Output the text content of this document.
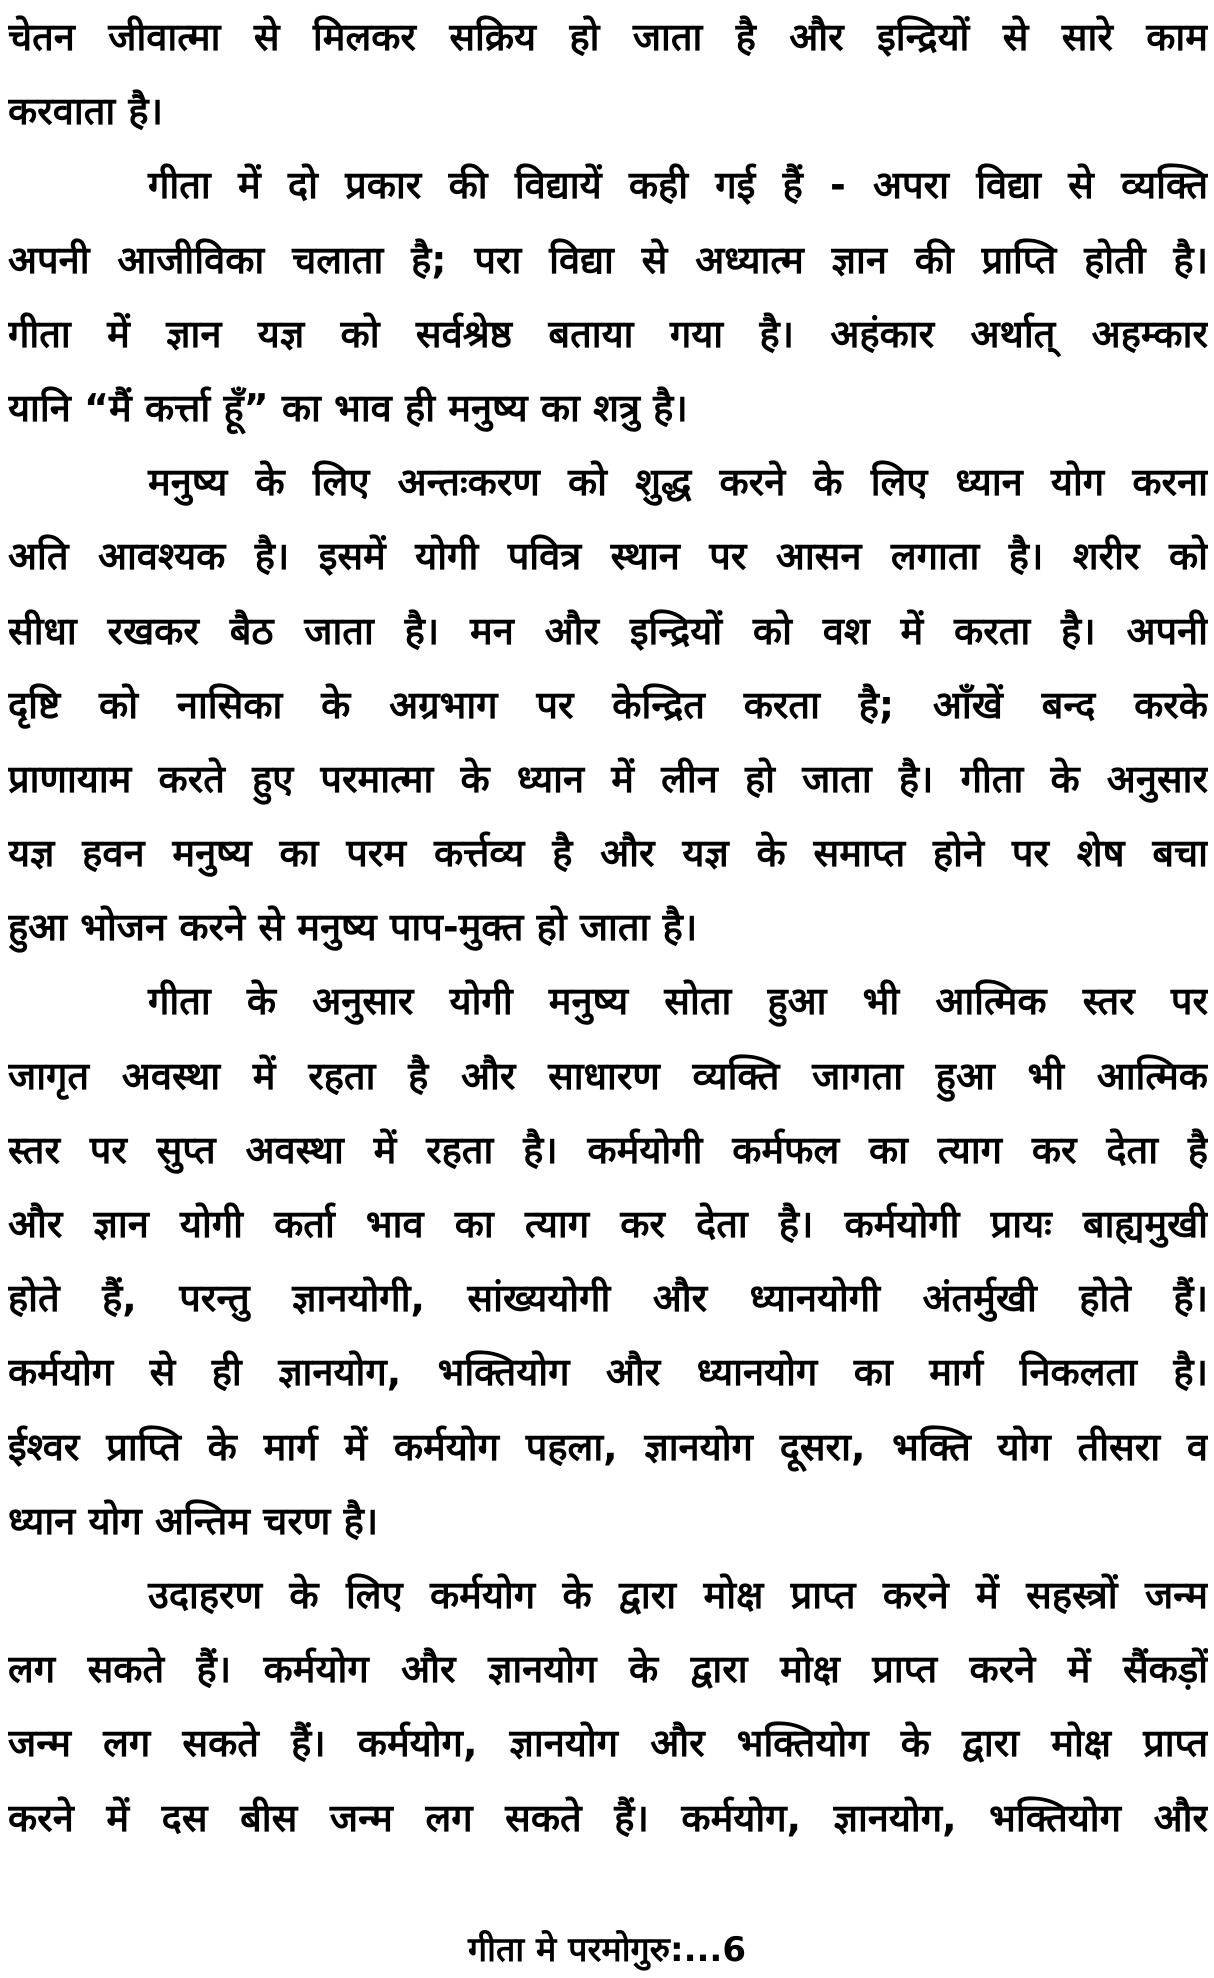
चेतन जीवात्मा से मिलकर सक्रिय हो जाता है और इन्द्रियों से सारे काम
करवाता है।
गीता में दो प्रकार की विद्यायें कही गई हैं - अपरा विद्या से व्यक्ति
अपनी आजीविका चलाता है; परा विद्या से अध्यात्म ज्ञान की प्राप्ति होती है।
गीता में ज्ञान यज्ञ को सर्वश्रेष्ठ बताया गया है। अहंकार अर्थात् अहम्कार
यानि “मैं कर्त्ता हूँ” का भाव ही मनुष्य का शत्रु है।
मनुष्य के लिए अन्तःकरण को शुद्ध करने के लिए ध्यान योग करना
अति आवश्यक है। इसमें योगी पवित्र स्थान पर आसन लगाता है। शरीर को
सीधा रखकर बैठ जाता है। मन और इन्द्रियों को वश में करता है। अपनी
दृष्टि को नासिका के अग्रभाग पर केन्द्रित करता है; आँखें बन्द करके
प्राणायाम करते हुए परमात्मा के ध्यान में लीन हो जाता है। गीता के अनुसार
यज्ञ हवन मनुष्य का परम कर्त्तव्य है और यज्ञ के समाप्त होने पर शेष बचा
हुआ भोजन करने से मनुष्य पाप-मुक्त हो जाता है।
गीता के अनुसार योगी मनुष्य सोता हुआ भी आत्मिक स्तर पर
जागृत अवस्था में रहता है और साधारण व्यक्ति जागता हुआ भी आत्मिक
स्तर पर सुप्त अवस्था में रहता है। कर्मयोगी कर्मफल का त्याग कर देता है
और ज्ञान योगी कर्ता भाव का त्याग कर देता है। कर्मयोगी प्रायः बाह्यमुखी
होते हैं, परन्तु ज्ञानयोगी, सांख्ययोगी और ध्यानयोगी अंतर्मुखी होते हैं।
कर्मयोग से ही ज्ञानयोग, भक्तियोग और ध्यानयोग का मार्ग निकलता है।
ईश्वर प्राप्ति के मार्ग में कर्मयोग पहला, ज्ञानयोग दूसरा, भक्ति योग तीसरा व
ध्यान योग अन्तिम चरण है।
उदाहरण के लिए कर्मयोग के द्वारा मोक्ष प्राप्त करने में सहस्त्रों जन्म
लग सकते हैं। कर्मयोग और ज्ञानयोग के द्वारा मोक्ष प्राप्त करने में सैंकड़ों
जन्म लग सकते हैं। कर्मयोग, ज्ञानयोग और भक्तियोग के द्वारा मोक्ष प्राप्त
करने में दस बीस जन्म लग सकते हैं। कर्मयोग, ज्ञानयोग, भक्तियोग और
गीता मे परमोगुरु:...6
